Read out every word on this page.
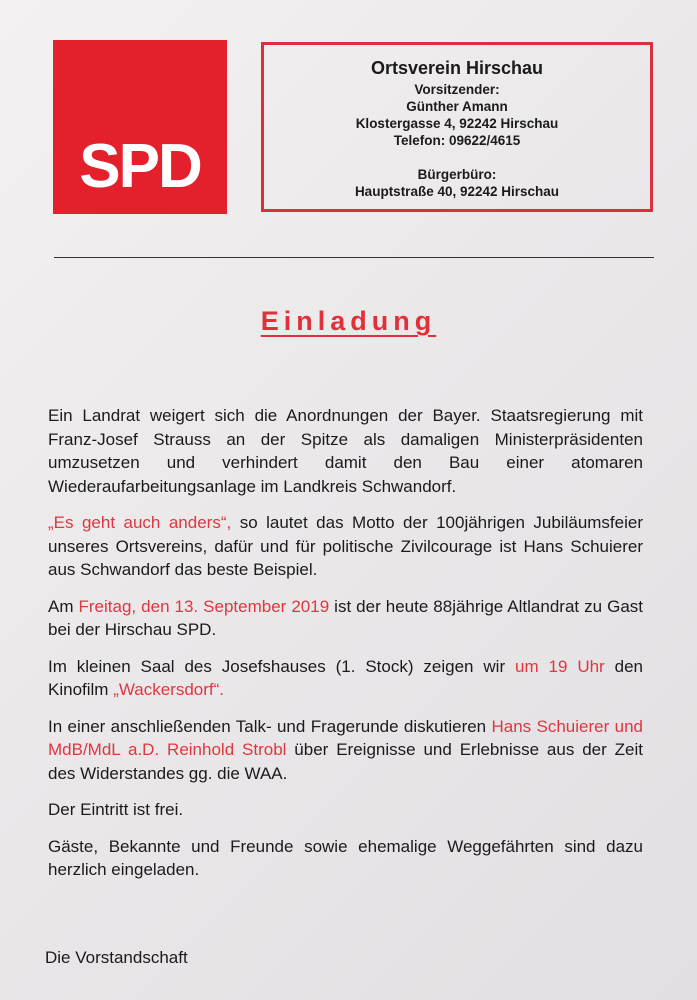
SPD
Ortsverein Hirschau
Vorsitzender:
Günther Amann
Klostergasse 4, 92242 Hirschau
Telefon: 09622/4615
Bürgerbüro:
Hauptstraße 40, 92242 Hirschau
Einladung

Ein Landrat weigert sich die Anordnungen der Bayer. Staatsregierung mit Franz-Josef Strauss an der Spitze als damaligen Ministerpräsidenten umzusetzen und verhindert damit den Bau einer atomaren Wiederaufarbeitungsanlage im Landkreis Schwandorf.

„Es geht auch anders“, so lautet das Motto der 100jährigen Jubiläumsfeier unseres Ortsvereins, dafür und für politische Zivilcourage ist Hans Schuierer aus Schwandorf das beste Beispiel.

Am Freitag, den 13. September 2019 ist der heute 88jährige Altlandrat zu Gast bei der Hirschau SPD.

Im kleinen Saal des Josefshauses (1. Stock) zeigen wir um 19 Uhr den Kinofilm „Wackersdorf“.

In einer anschließenden Talk- und Fragerunde diskutieren Hans Schuierer und MdB/MdL a.D. Reinhold Strobl über Ereignisse und Erlebnisse aus der Zeit des Widerstandes gg. die WAA.

Der Eintritt ist frei.

Gäste, Bekannte und Freunde sowie ehemalige Weggefährten sind dazu herzlich eingeladen.

Die Vorstandschaft
